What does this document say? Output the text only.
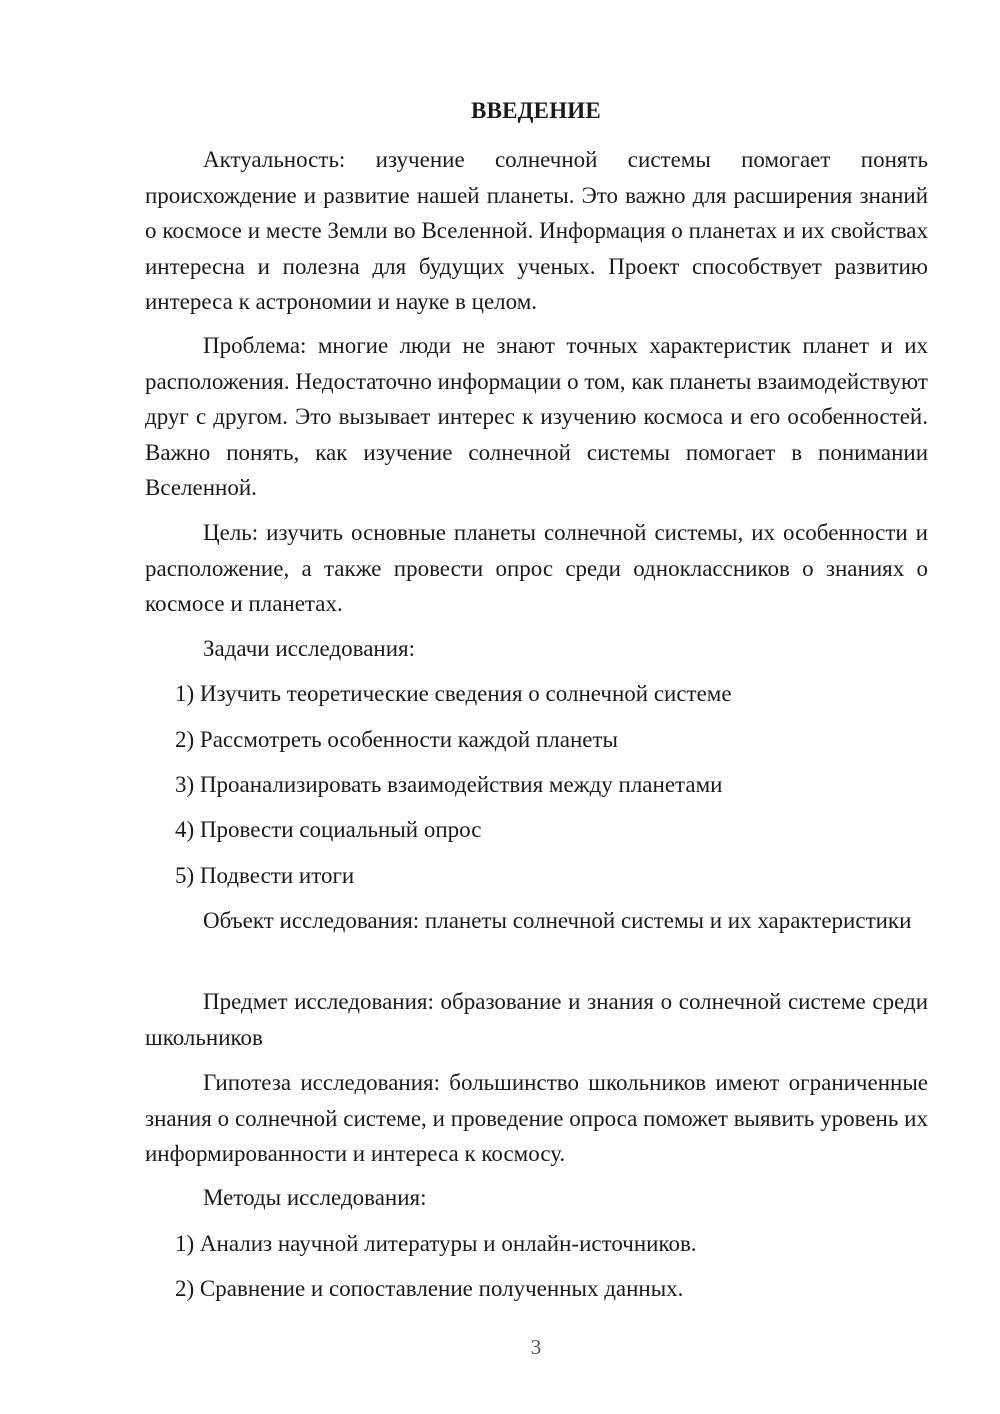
ВВЕДЕНИЕ

Актуальность: изучение солнечной системы помогает понять происхождение и развитие нашей планеты. Это важно для расширения знаний о космосе и месте Земли во Вселенной. Информация о планетах и их свойствах интересна и полезна для будущих ученых. Проект способствует развитию интереса к астрономии и науке в целом.

Проблема: многие люди не знают точных характеристик планет и их расположения. Недостаточно информации о том, как планеты взаимодействуют друг с другом. Это вызывает интерес к изучению космоса и его особенностей. Важно понять, как изучение солнечной системы помогает в понимании Вселенной.

Цель: изучить основные планеты солнечной системы, их особенности и расположение, а также провести опрос среди одноклассников о знаниях о космосе и планетах.

Задачи исследования:

1) Изучить теоретические сведения о солнечной системе

2) Рассмотреть особенности каждой планеты

3) Проанализировать взаимодействия между планетами

4) Провести социальный опрос

5) Подвести итоги

Объект исследования: планеты солнечной системы и их характеристики

Предмет исследования: образование и знания о солнечной системе среди школьников

Гипотеза исследования: большинство школьников имеют ограниченные знания о солнечной системе, и проведение опроса поможет выявить уровень их информированности и интереса к космосу.

Методы исследования:

1) Анализ научной литературы и онлайн-источников.

2) Сравнение и сопоставление полученных данных.

3
